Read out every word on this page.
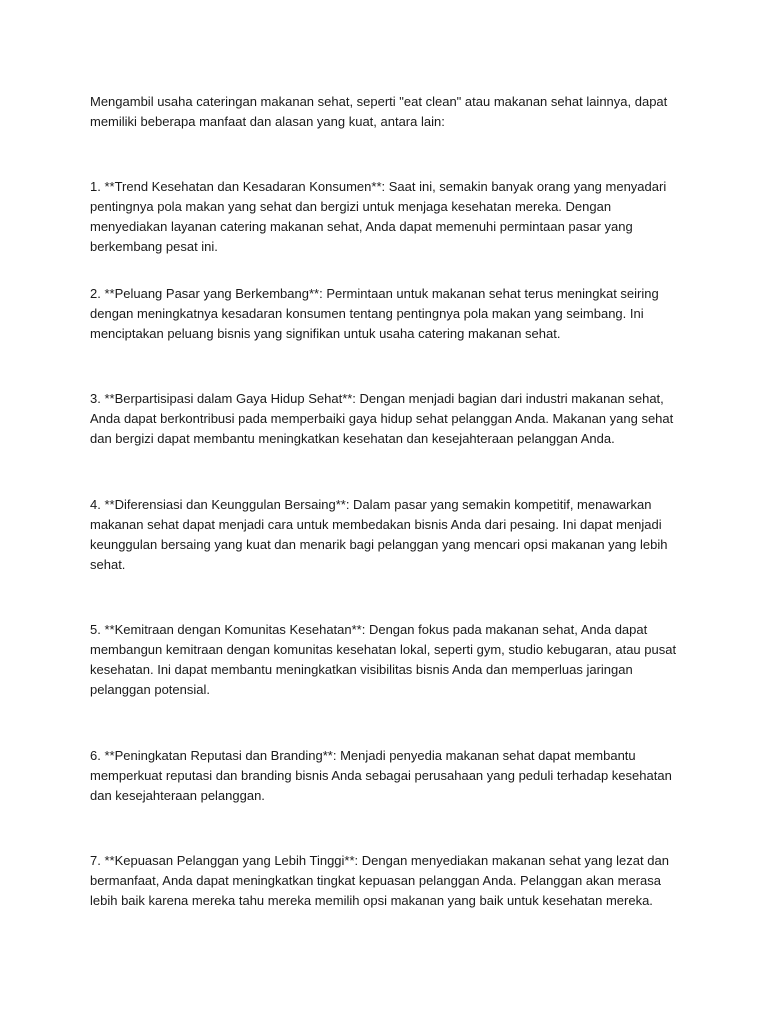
Mengambil usaha cateringan makanan sehat, seperti "eat clean" atau makanan sehat lainnya, dapat memiliki beberapa manfaat dan alasan yang kuat, antara lain:

1. **Trend Kesehatan dan Kesadaran Konsumen**: Saat ini, semakin banyak orang yang menyadari pentingnya pola makan yang sehat dan bergizi untuk menjaga kesehatan mereka. Dengan menyediakan layanan catering makanan sehat, Anda dapat memenuhi permintaan pasar yang berkembang pesat ini.

2. **Peluang Pasar yang Berkembang**: Permintaan untuk makanan sehat terus meningkat seiring dengan meningkatnya kesadaran konsumen tentang pentingnya pola makan yang seimbang. Ini menciptakan peluang bisnis yang signifikan untuk usaha catering makanan sehat.

3. **Berpartisipasi dalam Gaya Hidup Sehat**: Dengan menjadi bagian dari industri makanan sehat, Anda dapat berkontribusi pada memperbaiki gaya hidup sehat pelanggan Anda. Makanan yang sehat dan bergizi dapat membantu meningkatkan kesehatan dan kesejahteraan pelanggan Anda.

4. **Diferensiasi dan Keunggulan Bersaing**: Dalam pasar yang semakin kompetitif, menawarkan makanan sehat dapat menjadi cara untuk membedakan bisnis Anda dari pesaing. Ini dapat menjadi keunggulan bersaing yang kuat dan menarik bagi pelanggan yang mencari opsi makanan yang lebih sehat.

5. **Kemitraan dengan Komunitas Kesehatan**: Dengan fokus pada makanan sehat, Anda dapat membangun kemitraan dengan komunitas kesehatan lokal, seperti gym, studio kebugaran, atau pusat kesehatan. Ini dapat membantu meningkatkan visibilitas bisnis Anda dan memperluas jaringan pelanggan potensial.

6. **Peningkatan Reputasi dan Branding**: Menjadi penyedia makanan sehat dapat membantu memperkuat reputasi dan branding bisnis Anda sebagai perusahaan yang peduli terhadap kesehatan dan kesejahteraan pelanggan.

7. **Kepuasan Pelanggan yang Lebih Tinggi**: Dengan menyediakan makanan sehat yang lezat dan bermanfaat, Anda dapat meningkatkan tingkat kepuasan pelanggan Anda. Pelanggan akan merasa lebih baik karena mereka tahu mereka memilih opsi makanan yang baik untuk kesehatan mereka.
